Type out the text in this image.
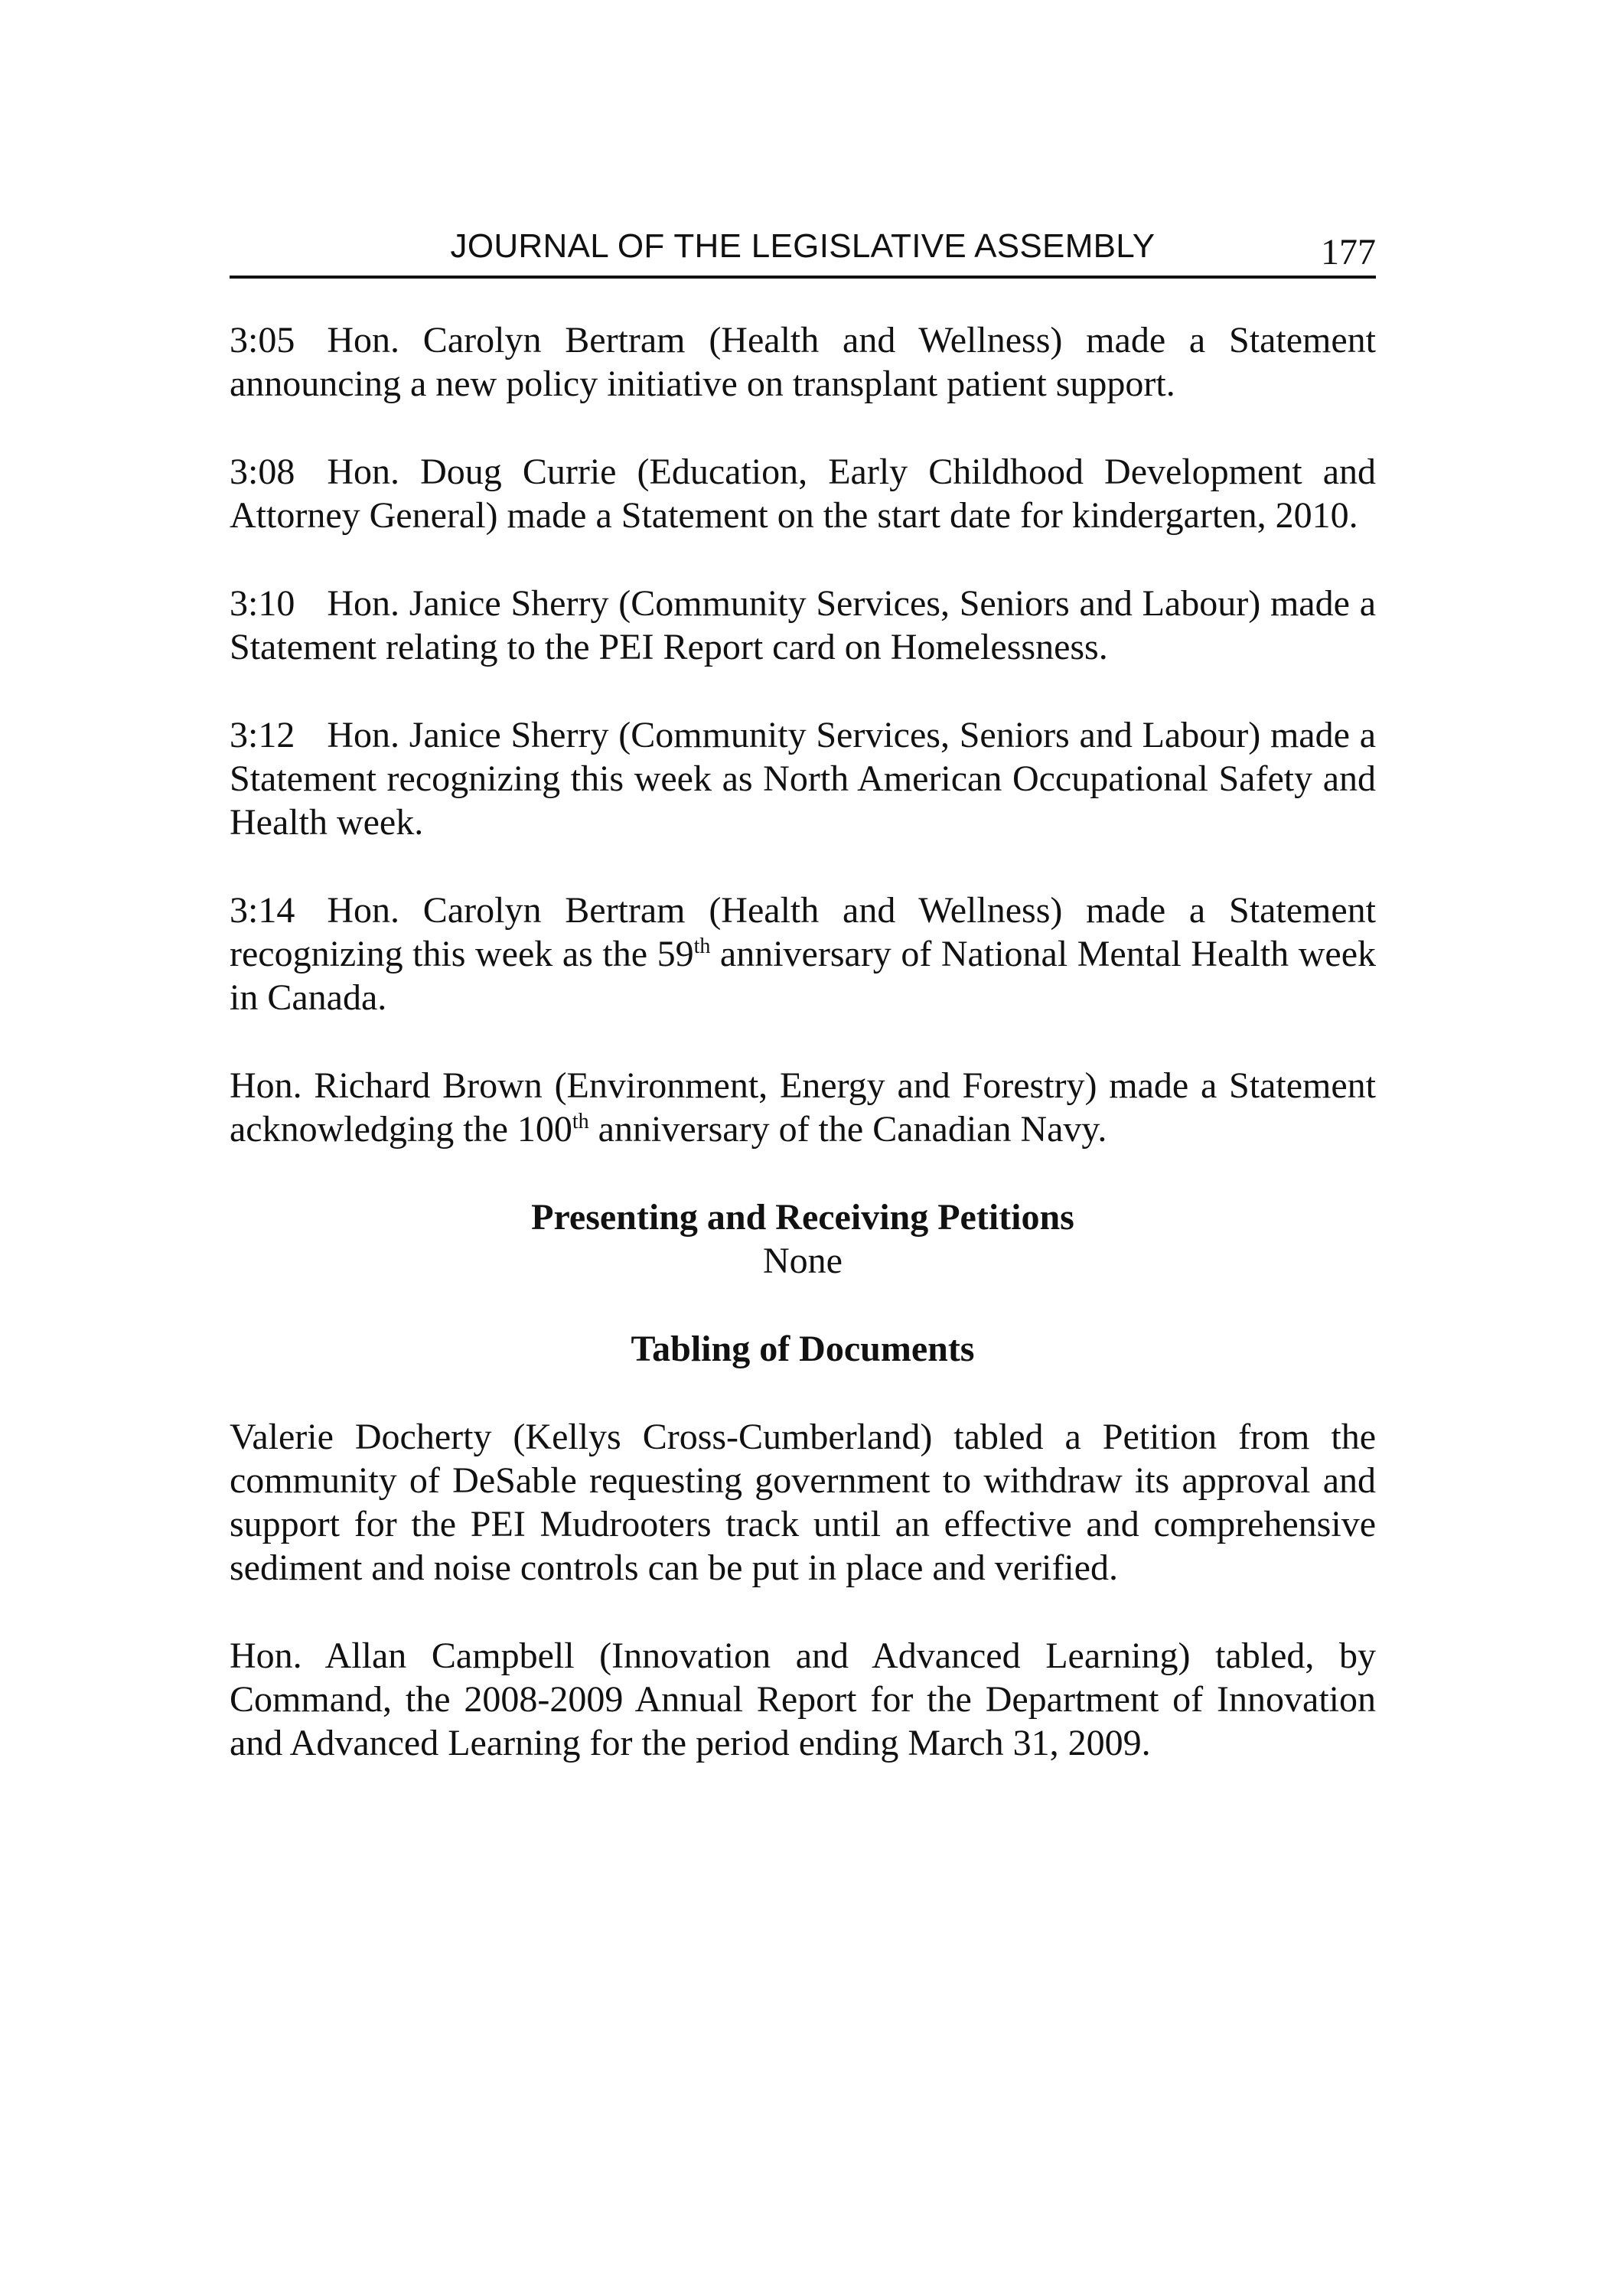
JOURNAL OF THE LEGISLATIVE ASSEMBLY	177

3:05 Hon. Carolyn Bertram (Health and Wellness) made a Statement announcing a new policy initiative on transplant patient support.

3:08 Hon. Doug Currie (Education, Early Childhood Development and Attorney General) made a Statement on the start date for kindergarten, 2010.

3:10 Hon. Janice Sherry (Community Services, Seniors and Labour) made a Statement relating to the PEI Report card on Homelessness.

3:12 Hon. Janice Sherry (Community Services, Seniors and Labour) made a Statement recognizing this week as North American Occupational Safety and Health week.

3:14 Hon. Carolyn Bertram (Health and Wellness) made a Statement recognizing this week as the 59th anniversary of National Mental Health week in Canada.

Hon. Richard Brown (Environment, Energy and Forestry) made a Statement acknowledging the 100th anniversary of the Canadian Navy.

Presenting and Receiving Petitions

None

Tabling of Documents

Valerie Docherty (Kellys Cross-Cumberland) tabled a Petition from the community of DeSable requesting government to withdraw its approval and support for the PEI Mudrooters track until an effective and comprehensive sediment and noise controls can be put in place and verified.

Hon. Allan Campbell (Innovation and Advanced Learning) tabled, by Command, the 2008-2009 Annual Report for the Department of Innovation and Advanced Learning for the period ending March 31, 2009.
